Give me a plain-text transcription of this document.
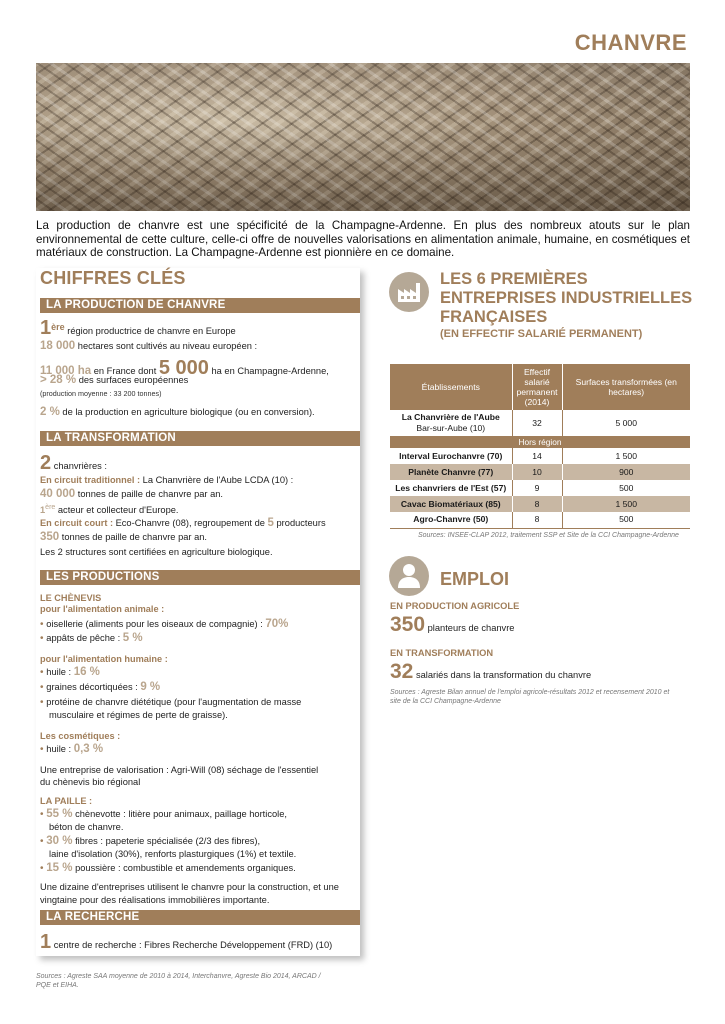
CHANVRE

La production de chanvre est une spécificité de la Champagne-Ardenne. En plus des nombreux atouts sur le plan environnemental de cette culture, celle-ci offre de nouvelles valorisations en alimentation animale, humaine, en cosmétiques et matériaux de construction. La Champagne-Ardenne est pionnière en ce domaine.

CHIFFRES CLÉS
LA PRODUCTION DE CHANVRE
1ère région productrice de chanvre en Europe
18 000 hectares sont cultivés au niveau européen :
11 000 ha en France dont 5 000 ha en Champagne-Ardenne,
> 28 % des surfaces européennes
(production moyenne : 33 200 tonnes)
2 % de la production en agriculture biologique (ou en conversion).
LA TRANSFORMATION
2 chanvrières :
En circuit traditionnel : La Chanvrière de l'Aube LCDA (10) :
40 000 tonnes de paille de chanvre par an.
1ère acteur et collecteur d'Europe.
En circuit court : Eco-Chanvre (08), regroupement de 5 producteurs
350 tonnes de paille de chanvre par an.
Les 2 structures sont certifiées en agriculture biologique.
LES PRODUCTIONS
LE CHÈNEVIS
pour l'alimentation animale :
• oisellerie (aliments pour les oiseaux de compagnie) : 70%
• appâts de pêche : 5 %
pour l'alimentation humaine :
• huile : 16 %
• graines décortiquées : 9 %
• protéine de chanvre diététique (pour l'augmentation de masse
musculaire et régimes de perte de graisse).
Les cosmétiques :
• huile : 0,3 %
Une entreprise de valorisation : Agri-Will (08) séchage de l'essentiel
du chènevis bio régional
LA PAILLE :
• 55 % chènevotte : litière pour animaux, paillage horticole,
béton de chanvre.
• 30 % fibres : papeterie spécialisée (2/3 des fibres),
laine d'isolation (30%), renforts plasturgiques (1%) et textile.
• 15 % poussière : combustible et amendements organiques.
Une dizaine d'entreprises utilisent le chanvre pour la construction, et une
vingtaine pour des réalisations immobilières importante.
LA RECHERCHE
1 centre de recherche : Fibres Recherche Développement (FRD) (10)
Sources : Agreste SAA moyenne de 2010 à 2014, Interchanvre, Agreste Bio 2014, ARCAD /
PQE et EIHA.
LES 6 PREMIÈRES
ENTREPRISES INDUSTRIELLES
FRANÇAISES
(EN EFFECTIF SALARIÉ PERMANENT)
Établissements	Effectif salarié permanent (2014)	Surfaces transformées (en hectares)

La Chanvrière de l'Aube
Bar-sur-Aube (10)	32	5 000
Hors région		
Interval Eurochanvre (70)	14	1 500
Planète Chanvre (77)	10	900
Les chanvriers de l'Est (57)	9	500
Cavac Biomatériaux (85)	8	1 500
Agro-Chanvre (50)	8	500
Sources: INSEE-CLAP 2012, traitement SSP et Site de la CCI Champagne-Ardenne
EMPLOI
EN PRODUCTION AGRICOLE
350 planteurs de chanvre
EN TRANSFORMATION
32 salariés dans la transformation du chanvre
Sources : Agreste Bilan annuel de l'emploi agricole-résultats 2012 et recensement 2010 et
site de la CCI Champagne-Ardenne
